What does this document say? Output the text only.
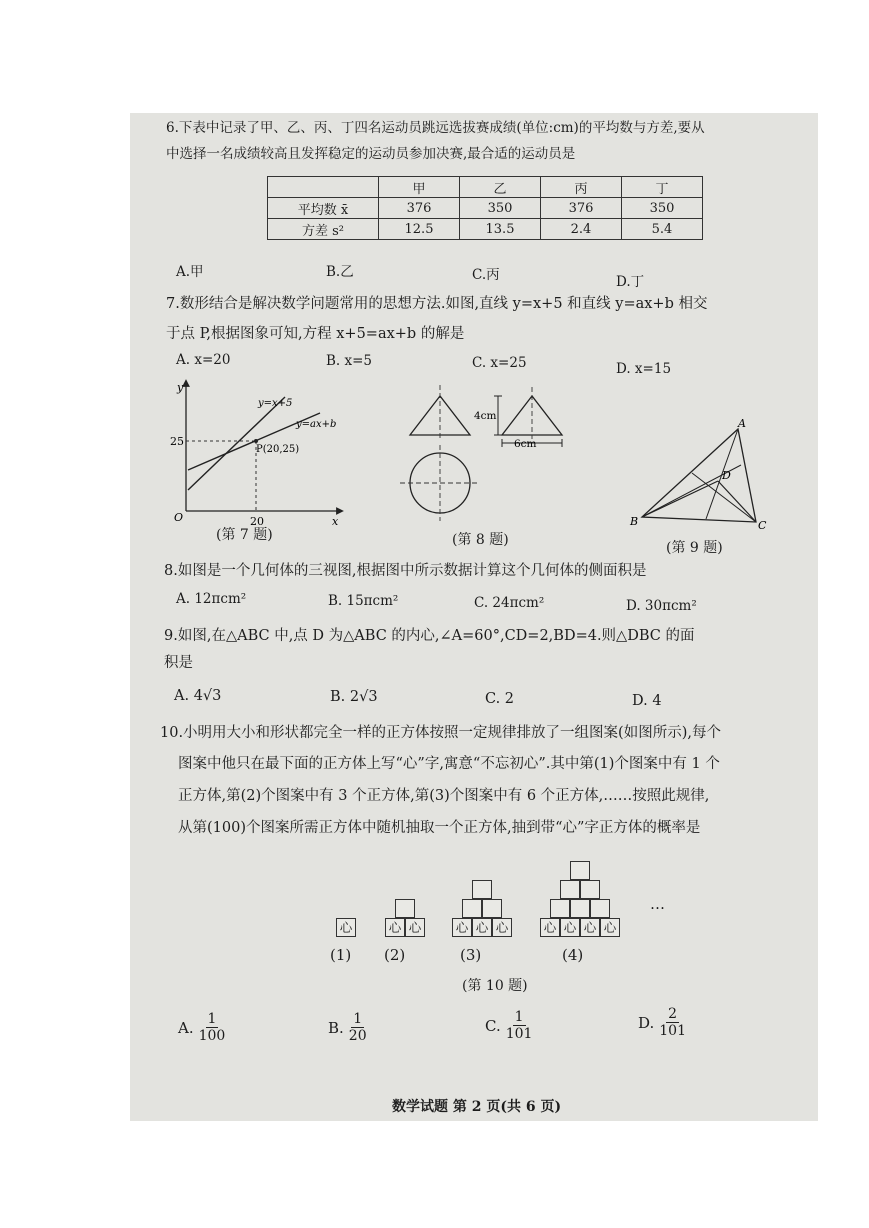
6.下表中记录了甲、乙、丙、丁四名运动员跳远选拔赛成绩(单位:cm)的平均数与方差,要从
中选择一名成绩较高且发挥稳定的运动员参加决赛,最合适的运动员是
	甲	乙	丙	丁
平均数 x̄	376	350	376	350
方差 s²	12.5	13.5	2.4	5.4
A.甲	B.乙	C.丙	D.丁
7.数形结合是解决数学问题常用的思想方法.如图,直线 y=x+5 和直线 y=ax+b 相交
于点 P,根据图象可知,方程 x+5=ax+b 的解是
A. x=20	B. x=5	C. x=25	D. x=15
y
x
O
y=x+5
y=ax+b
P(20,25)
25
20
(第 7 题)
4cm
6cm
(第 8 题)
A
B	C
D
(第 9 题)
8.如图是一个几何体的三视图,根据图中所示数据计算这个几何体的侧面积是
A. 12πcm²	B. 15πcm²	C. 24πcm²	D. 30πcm²
9.如图,在△ABC 中,点 D 为△ABC 的内心,∠A=60°,CD=2,BD=4.则△DBC 的面
积是
A. 4√3	B. 2√3	C. 2	D. 4
10.小明用大小和形状都完全一样的正方体按照一定规律排放了一组图案(如图所示),每个
图案中他只在最下面的正方体上写“心”字,寓意“不忘初心”.其中第(1)个图案中有 1 个
正方体,第(2)个图案中有 3 个正方体,第(3)个图案中有 6 个正方体,……按照此规律,
从第(100)个图案所需正方体中随机抽取一个正方体,抽到带“心”字正方体的概率是
心	心 心	心 心 心	心 心 心 心
…
(1) (2)	(3)	(4)
(第 10 题)
A. $\frac{1}{100}$	B. $\frac{1}{20}$	C. $\frac{1}{101}$	D. $\frac{2}{101}$
数学试题 第 2 页(共 6 页)
